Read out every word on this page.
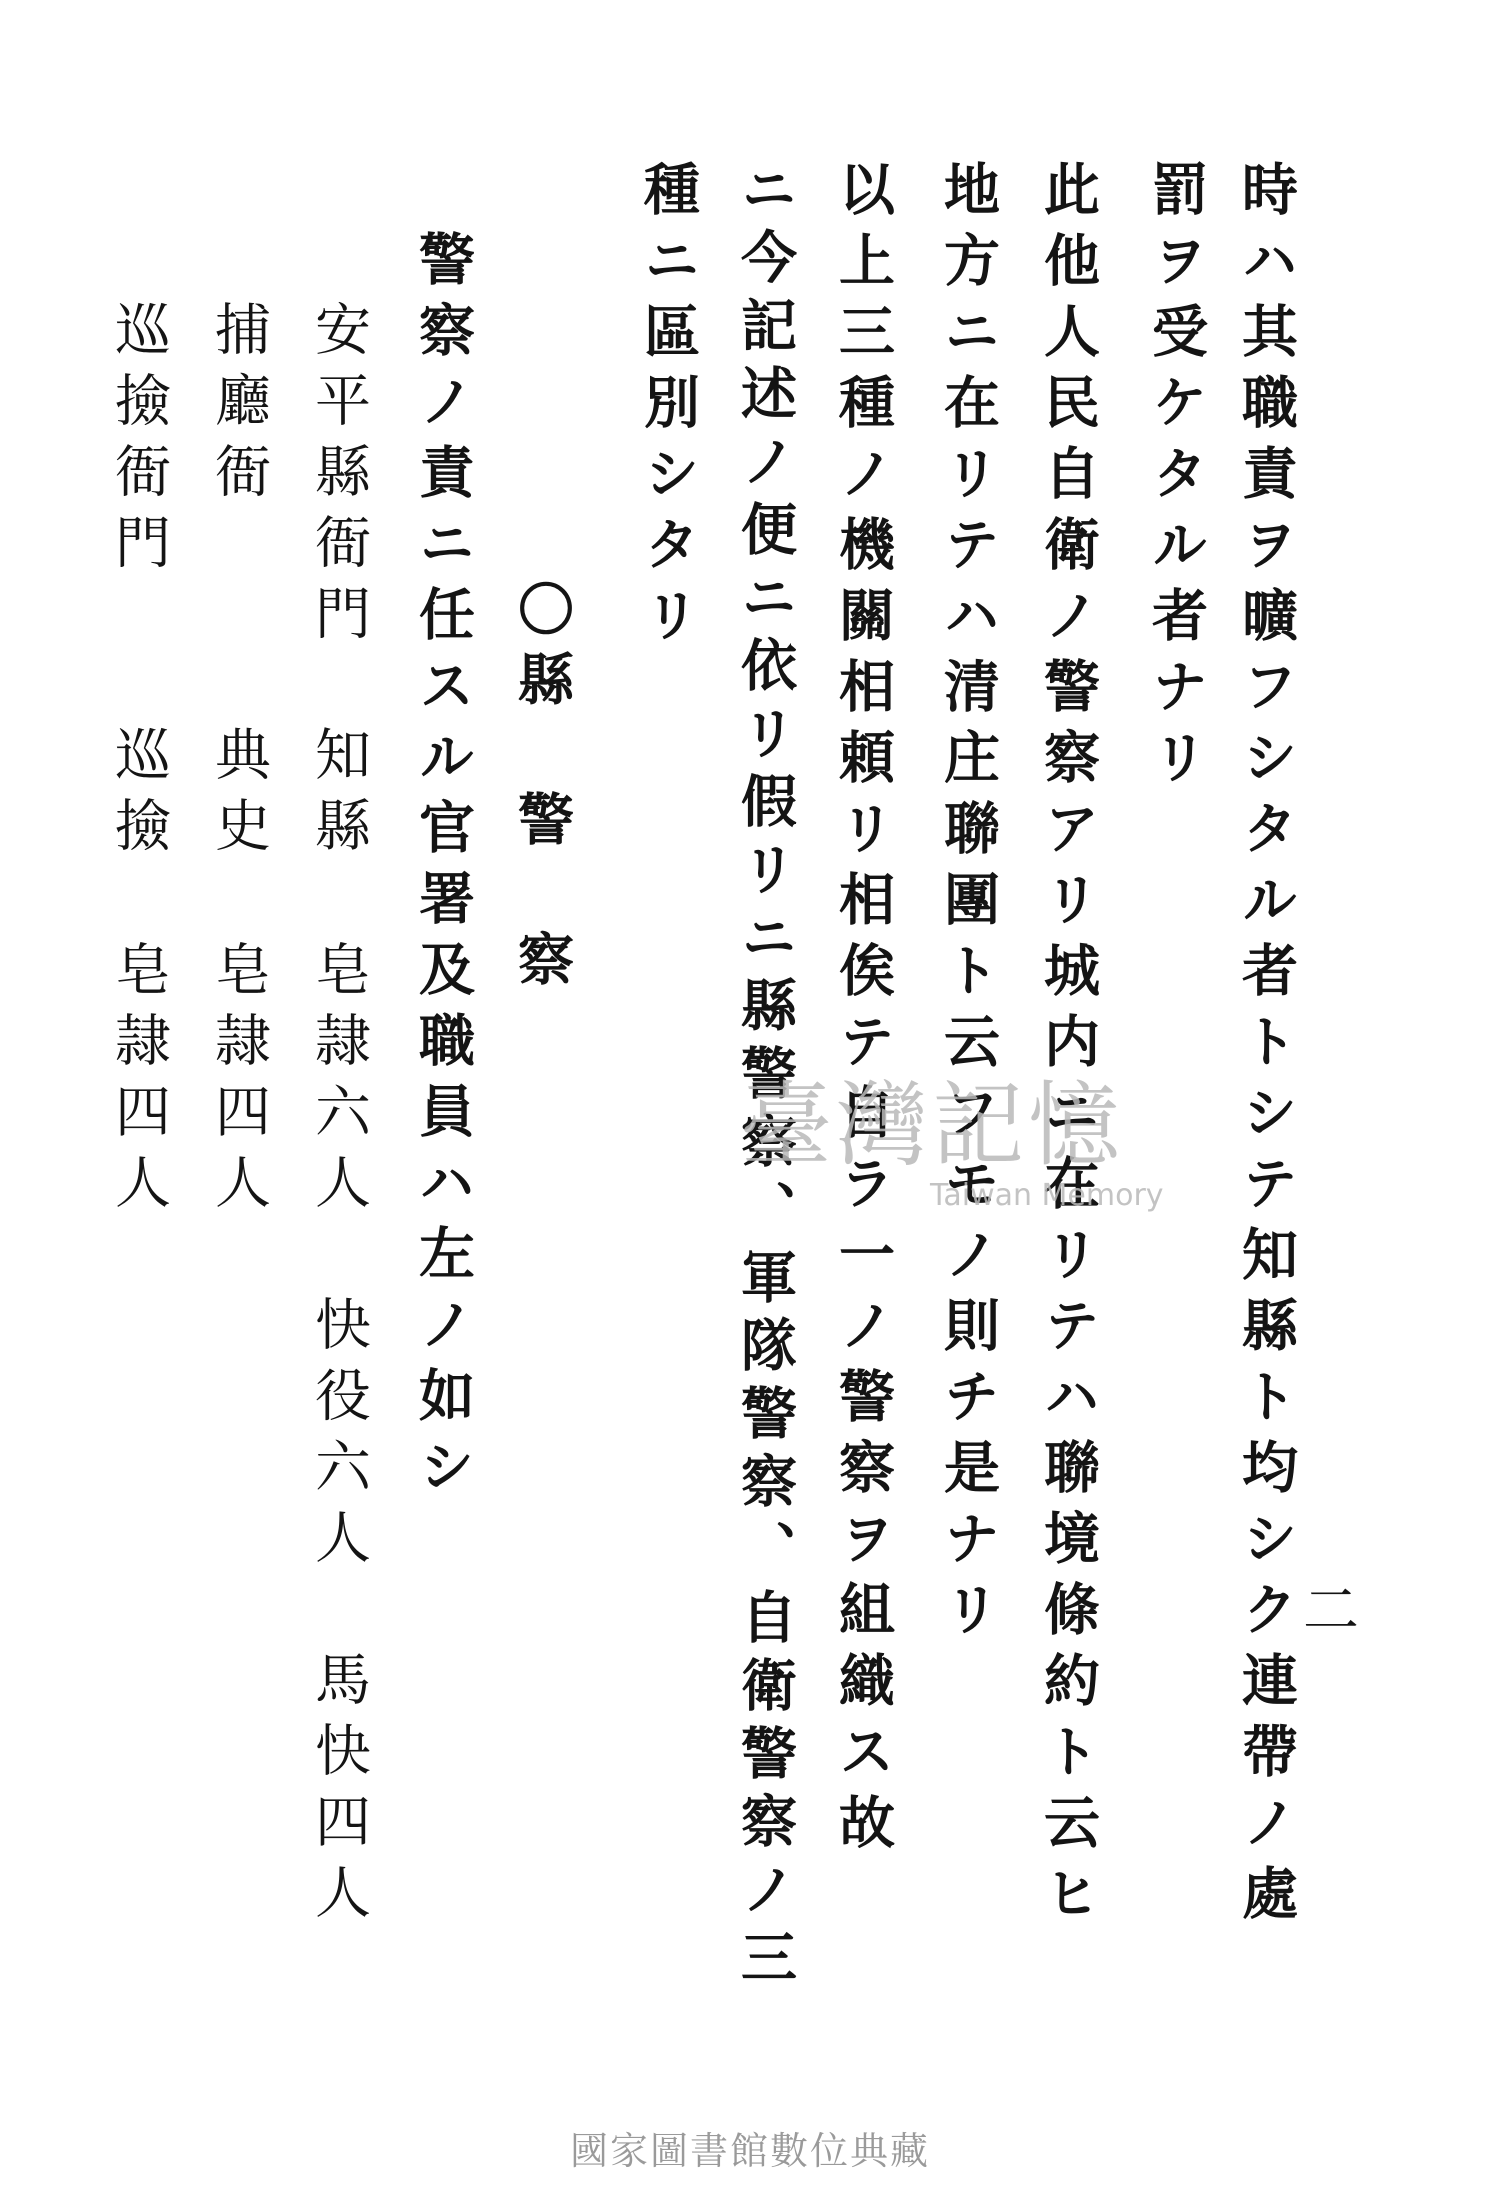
時ハ其職責ヲ曠フシタル者トシテ知縣ト均シク連帶ノ處
罰ヲ受ケタル者ナリ
此他人民自衛ノ警察アリ城内ニ在リテハ聯境條約ト云ヒ
地方ニ在リテハ清庄聯團ト云フモノ則チ是ナリ
以上三種ノ機關相頼リ相俟テ自ラ一ノ警察ヲ組織ス故
ニ今記述ノ便ニ依リ假リニ縣警察、軍隊警察、自衛警察ノ三
種ニ區別シタリ
〇縣　警　察
警察ノ責ニ任スル官署及職員ハ左ノ如シ
安平縣衙門
知縣
皂隷六人
快役六人
馬快四人
捕廳衙
典史
皂隷四人
巡撿衙門
巡撿
皂隷四人
二
臺灣記憶
Taiwan Memory
國家圖書館數位典藏
